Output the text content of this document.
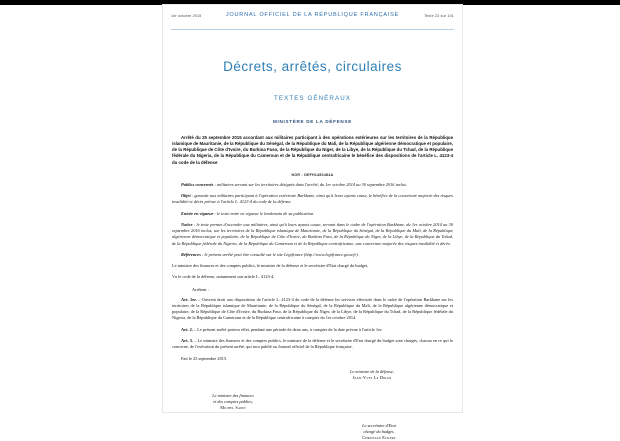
1er octobre 2015	JOURNAL OFFICIEL DE LA RÉPUBLIQUE FRANÇAISE	Texte 22 sur 101
Décrets, arrêtés, circulaires
TEXTES GÉNÉRAUX
MINISTÈRE DE LA DÉFENSE
Arrêté du 25 septembre 2015 accordant aux militaires participant à des opérations extérieures sur les territoires de la République islamique de Mauritanie, de la République du Sénégal, de la République du Mali, de la République algérienne démocratique et populaire, de la République de Côte d'Ivoire, du Burkina Faso, de la République du Niger, de la Libye, de la République du Tchad, de la République fédérale du Nigeria, de la République du Cameroun et de la République centrafricaine le bénéfice des dispositions de l'article L. 4123-4 du code de la défense
NOR : DEFH1480484A
Publics concernés : militaires servant sur les territoires désignés dans l'arrêté, du 1er octobre 2014 au 30 septembre 2016 inclus.
Objet : garantir aux militaires participant à l'opération extérieure Barkhane, ainsi qu'à leurs ayants cause, le bénéfice de la couverture majorée des risques invalidité et décès prévue à l'article L. 4123-4 du code de la défense.
Entrée en vigueur : le texte entre en vigueur le lendemain de sa publication.
Notice : le texte permet d'accorder aux militaires, ainsi qu'à leurs ayants cause, servant dans le cadre de l'opération Barkhane, du 1er octobre 2014 au 30 septembre 2016 inclus, sur les territoires de la République islamique de Mauritanie, de la République du Sénégal, de la République du Mali, de la République algérienne démocratique et populaire, de la République de Côte d'Ivoire, du Burkina Faso, de la République du Niger, de la Libye, de la République du Tchad, de la République fédérale du Nigeria, de la République du Cameroun et de la République centrafricaine, une couverture majorée des risques invalidité et décès.
Références : le présent arrêté peut être consulté sur le site Légifrance (http://www.legifrance.gouv.fr).
Le ministre des finances et des comptes publics, le ministre de la défense et le secrétaire d'Etat chargé du budget,
Vu le code de la défense, notamment son article L. 4123-4,
Arrêtent :
Art. 1er. – Ouvrent droit aux dispositions de l'article L. 4123-4 du code de la défense les services effectués dans le cadre de l'opération Barkhane sur les territoires de la République islamique de Mauritanie, de la République du Sénégal, de la République du Mali, de la République algérienne démocratique et populaire, de la République de Côte d'Ivoire, du Burkina Faso, de la République du Niger, de la Libye, de la République du Tchad, de la République fédérale du Nigeria, de la République du Cameroun et de la République centrafricaine à compter du 1er octobre 2014.
Art. 2. – Le présent arrêté portera effet, pendant une période de deux ans, à compter de la date prévue à l'article 1er.
Art. 3. – Le ministre des finances et des comptes publics, le ministre de la défense et le secrétaire d'Etat chargé du budget sont chargés, chacun en ce qui le concerne, de l'exécution du présent arrêté, qui sera publié au Journal officiel de la République française.
Fait le 25 septembre 2015.
Le ministre de la défense,
Jean-Yves Le Drian
Le ministre des finances
et des comptes publics,
Michel Sapin
Le secrétaire d'Etat
chargé du budget,
Christian Eckert
